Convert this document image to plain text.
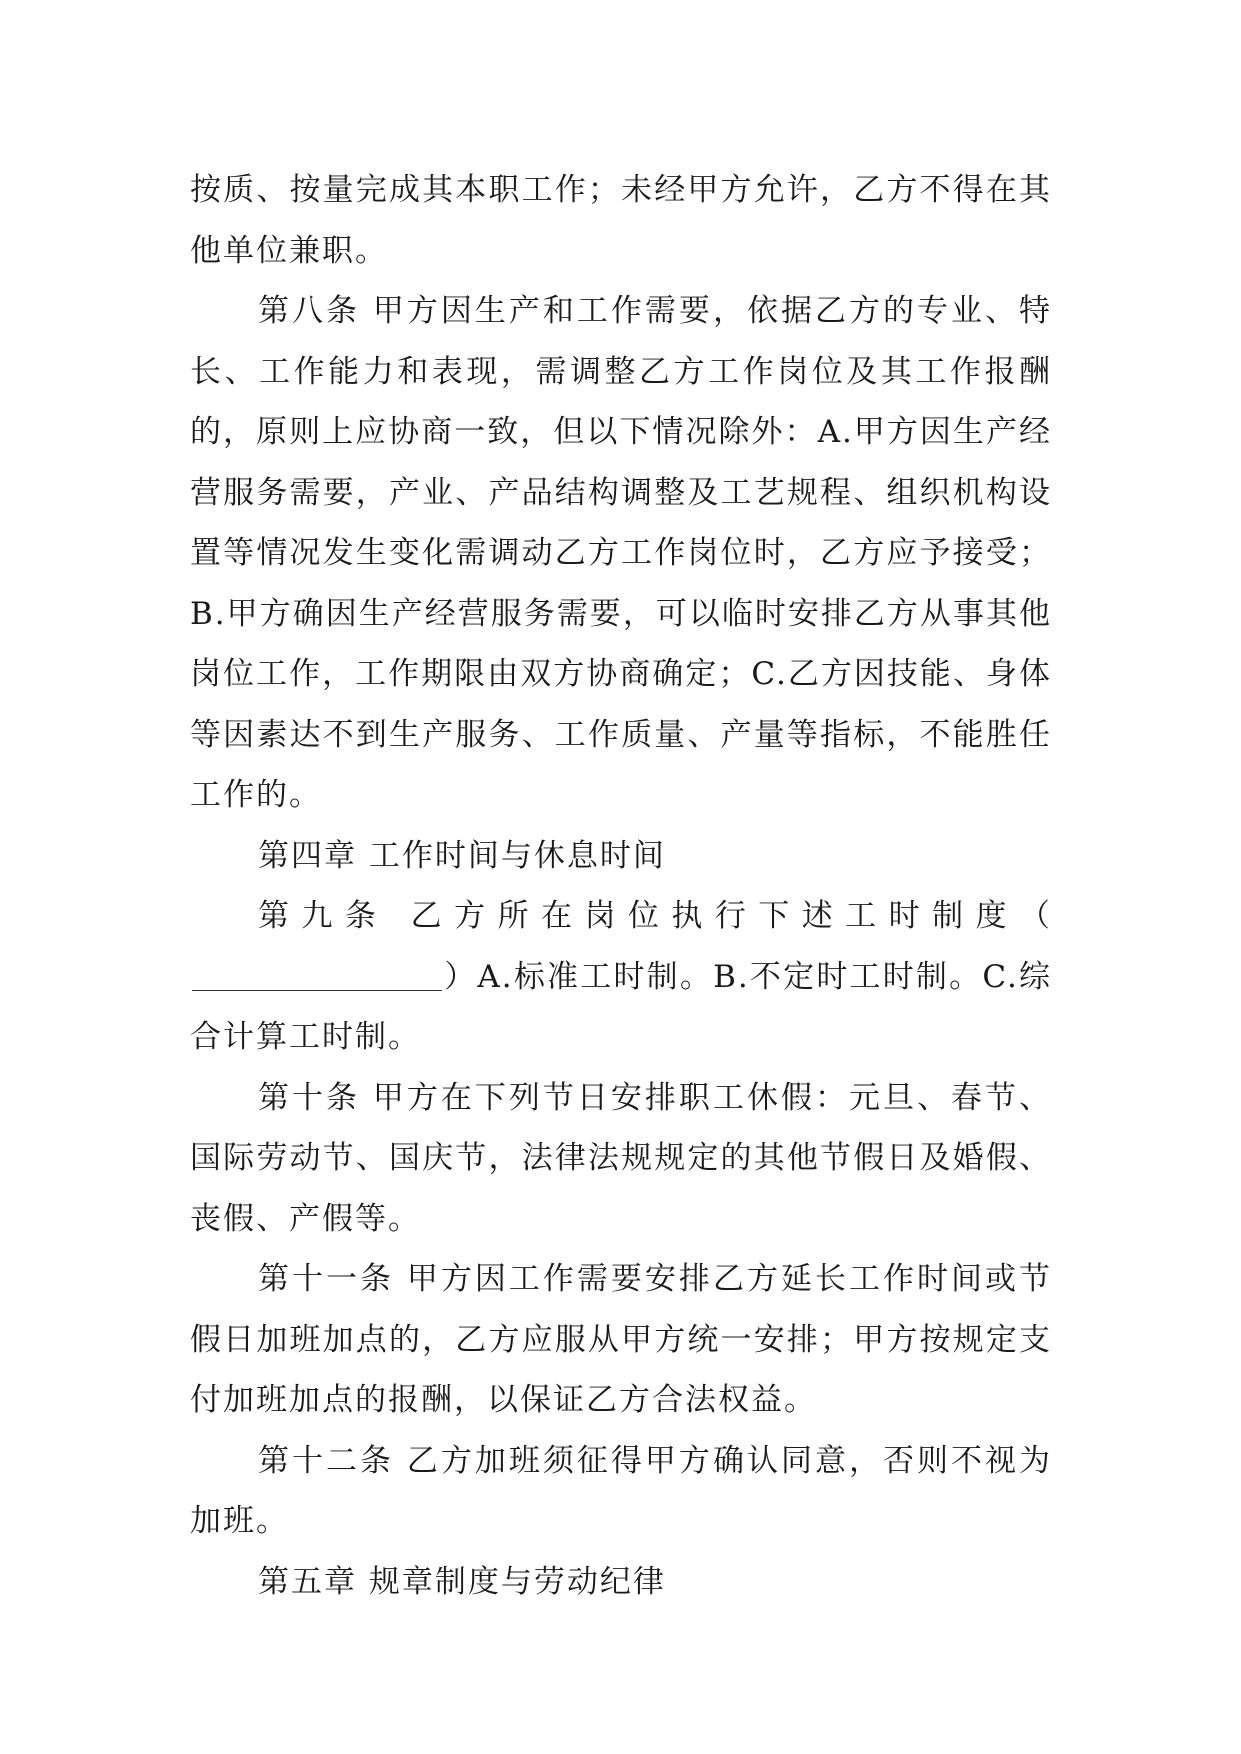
按质、按量完成其本职工作；未经甲方允许，乙方不得在其他单位兼职。

第八条 甲方因生产和工作需要，依据乙方的专业、特长、工作能力和表现，需调整乙方工作岗位及其工作报酬的，原则上应协商一致，但以下情况除外：A.甲方因生产经营服务需要，产业、产品结构调整及工艺规程、组织机构设置等情况发生变化需调动乙方工作岗位时，乙方应予接受；B.甲方确因生产经营服务需要，可以临时安排乙方从事其他岗位工作，工作期限由双方协商确定；C.乙方因技能、身体等因素达不到生产服务、工作质量、产量等指标，不能胜任工作的。

第四章 工作时间与休息时间

第九条 乙方所在岗位执行下述工时制度（）A.标准工时制。B.不定时工时制。C.综合计算工时制。

第十条 甲方在下列节日安排职工休假：元旦、春节、国际劳动节、国庆节，法律法规规定的其他节假日及婚假、丧假、产假等。

第十一条 甲方因工作需要安排乙方延长工作时间或节假日加班加点的，乙方应服从甲方统一安排；甲方按规定支付加班加点的报酬，以保证乙方合法权益。

第十二条 乙方加班须征得甲方确认同意，否则不视为加班。

第五章 规章制度与劳动纪律
